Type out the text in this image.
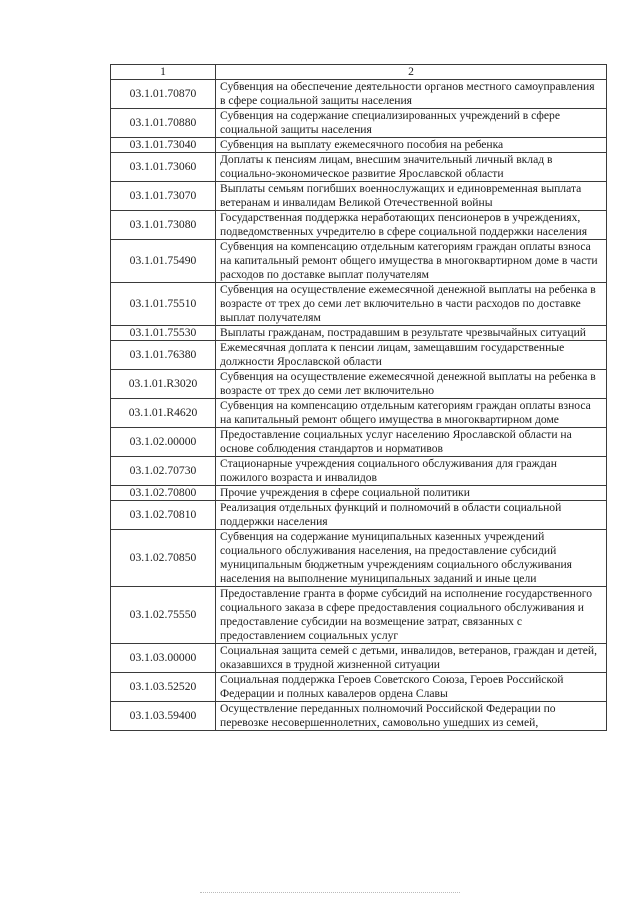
1	2
03.1.01.70870	Субвенция на обеспечение деятельности органов местного самоуправления в сфере социальной защиты населения
03.1.01.70880	Субвенция на содержание специализированных учреждений в сфере социальной защиты населения
03.1.01.73040	Субвенция на выплату ежемесячного пособия на ребенка
03.1.01.73060	Доплаты к пенсиям лицам, внесшим значительный личный вклад в социально-экономическое развитие Ярославской области
03.1.01.73070	Выплаты семьям погибших военнослужащих и единовременная выплата ветеранам и инвалидам Великой Отечественной войны
03.1.01.73080	Государственная поддержка неработающих пенсионеров в учреждениях, подведомственных учредителю в сфере социальной поддержки населения
03.1.01.75490	Субвенция на компенсацию отдельным категориям граждан оплаты взноса на капитальный ремонт общего имущества в многоквартирном доме в части расходов по доставке выплат получателям
03.1.01.75510	Субвенция на осуществление ежемесячной денежной выплаты на ребенка в возрасте от трех до семи лет включительно в части расходов по доставке выплат получателям
03.1.01.75530	Выплаты гражданам, пострадавшим в результате чрезвычайных ситуаций
03.1.01.76380	Ежемесячная доплата к пенсии лицам, замещавшим государственные должности Ярославской области
03.1.01.R3020	Субвенция на осуществление ежемесячной денежной выплаты на ребенка в возрасте от трех до семи лет включительно
03.1.01.R4620	Субвенция на компенсацию отдельным категориям граждан оплаты взноса на капитальный ремонт общего имущества в многоквартирном доме
03.1.02.00000	Предоставление социальных услуг населению Ярославской области на основе соблюдения стандартов и нормативов
03.1.02.70730	Стационарные учреждения социального обслуживания для граждан пожилого возраста и инвалидов
03.1.02.70800	Прочие учреждения в сфере социальной политики
03.1.02.70810	Реализация отдельных функций и полномочий в области социальной поддержки населения
03.1.02.70850	Субвенция на содержание муниципальных казенных учреждений социального обслуживания населения, на предоставление субсидий муниципальным бюджетным учреждениям социального обслуживания населения на выполнение муниципальных заданий и иные цели
03.1.02.75550	Предоставление гранта в форме субсидий на исполнение государственного социального заказа в сфере предоставления социального обслуживания и предоставление субсидии на возмещение затрат, связанных с предоставлением социальных услуг
03.1.03.00000	Социальная защита семей с детьми, инвалидов, ветеранов, граждан и детей, оказавшихся в трудной жизненной ситуации
03.1.03.52520	Социальная поддержка Героев Советского Союза, Героев Российской Федерации и полных кавалеров ордена Славы
03.1.03.59400	Осуществление переданных полномочий Российской Федерации по перевозке несовершеннолетних, самовольно ушедших из семей,
